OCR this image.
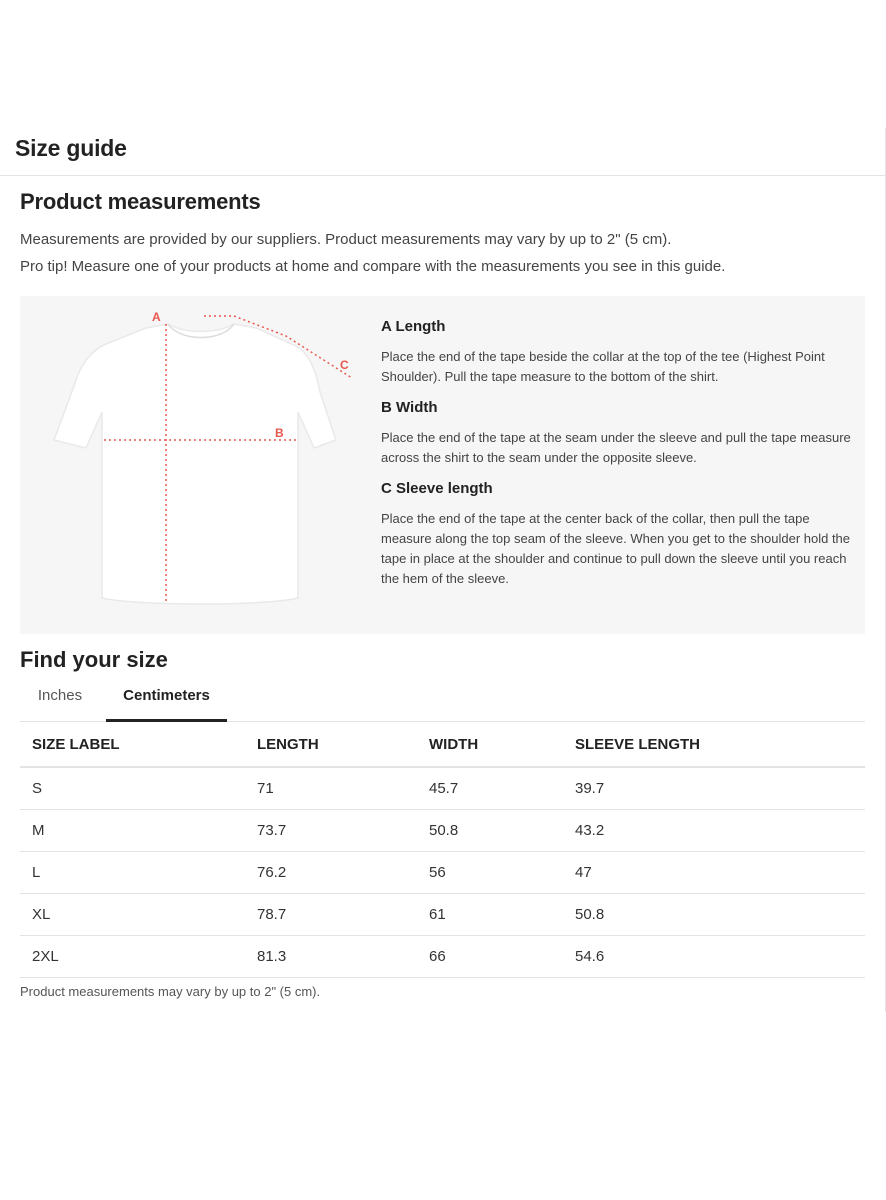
Size guide
Product measurements

Measurements are provided by our suppliers. Product measurements may vary by up to 2" (5 cm).

Pro tip! Measure one of your products at home and compare with the measurements you see in this guide.

A
B
C
A Length

Place the end of the tape beside the collar at the top of the tee (Highest Point Shoulder). Pull the tape measure to the bottom of the shirt.

B Width

Place the end of the tape at the seam under the sleeve and pull the tape measure across the shirt to the seam under the opposite sleeve.

C Sleeve length

Place the end of the tape at the center back of the collar, then pull the tape measure along the top seam of the sleeve. When you get to the shoulder hold the tape in place at the shoulder and continue to pull down the sleeve until you reach the hem of the sleeve.

Find your size
Inches	Centimeters
SIZE LABEL	LENGTH	WIDTH	SLEEVE LENGTH
S	71	45.7	39.7
M	73.7	50.8	43.2
L	76.2	56	47
XL	78.7	61	50.8
2XL	81.3	66	54.6

Product measurements may vary by up to 2" (5 cm).
